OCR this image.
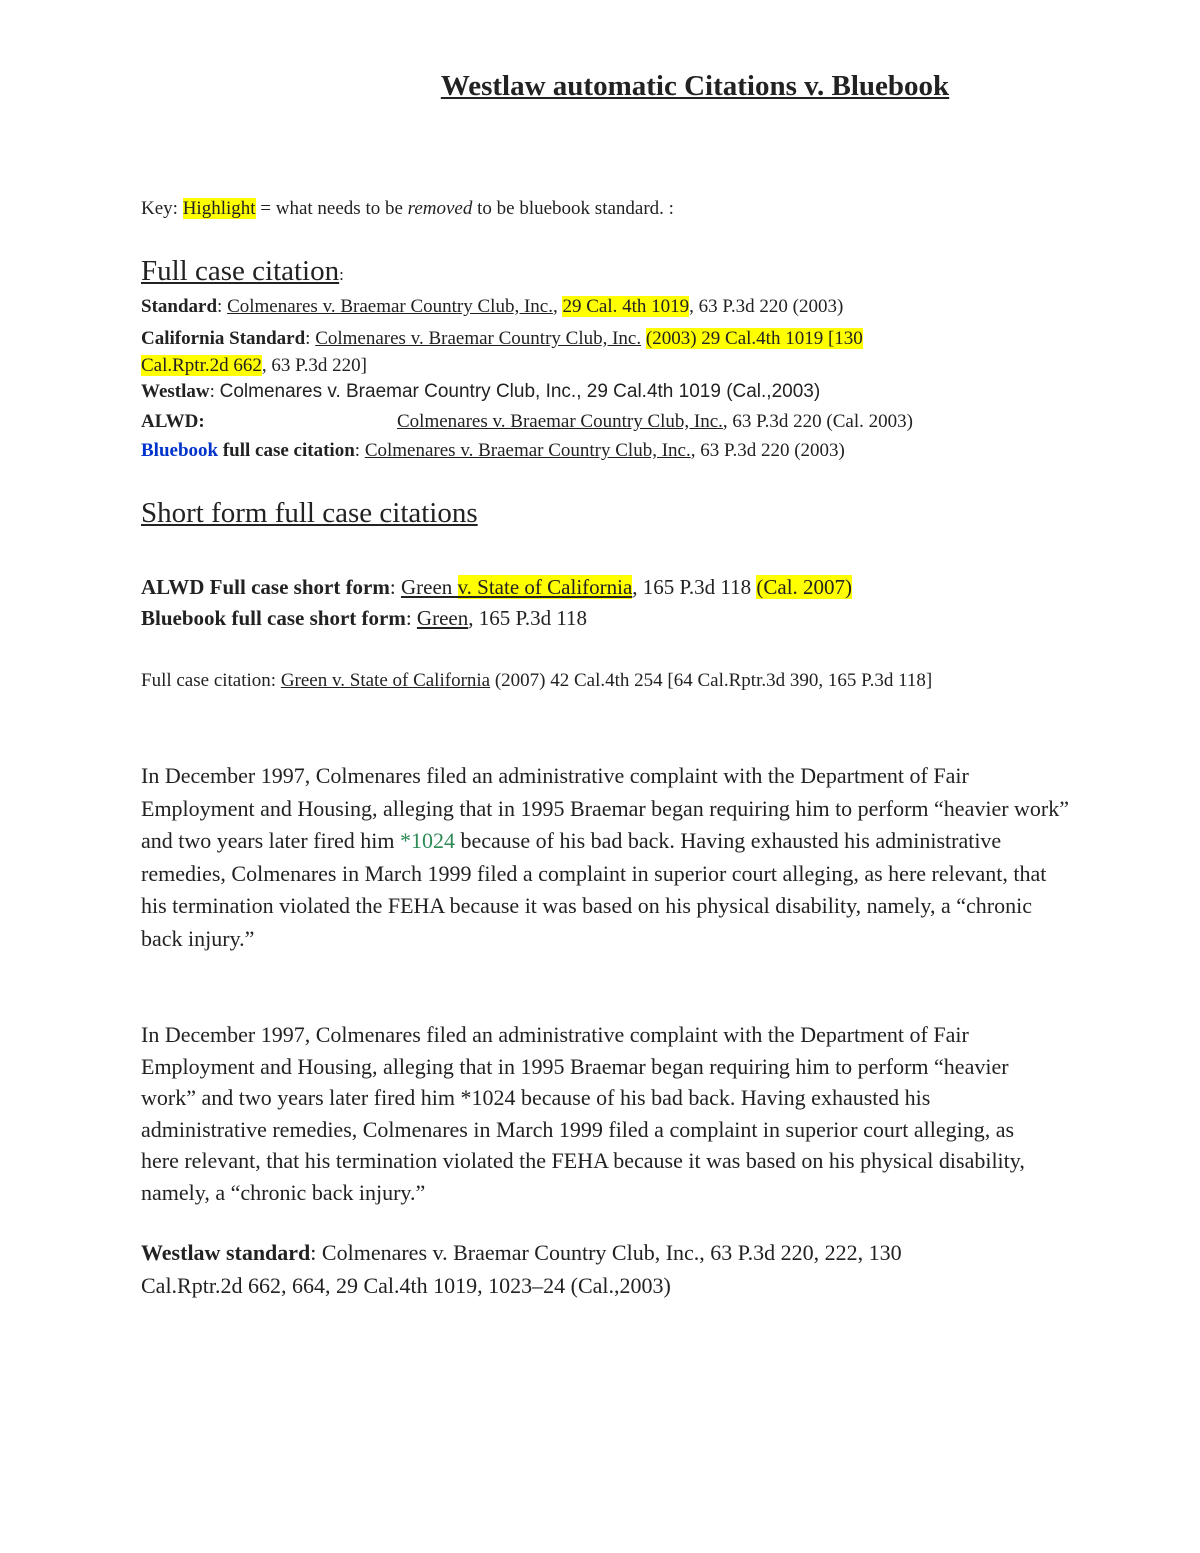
Westlaw automatic Citations v. Bluebook
Key: Highlight = what needs to be removed to be bluebook standard. :
Full case citation:
Standard: Colmenares v. Braemar Country Club, Inc., 29 Cal. 4th 1019, 63 P.3d 220 (2003)
California Standard: Colmenares v. Braemar Country Club, Inc. (2003) 29 Cal.4th 1019 [130
Cal.Rptr.2d 662, 63 P.3d 220]
Westlaw: Colmenares v. Braemar Country Club, Inc., 29 Cal.4th 1019 (Cal.,2003)
ALWD:	Colmenares v. Braemar Country Club, Inc., 63 P.3d 220 (Cal. 2003)
Bluebook full case citation: Colmenares v. Braemar Country Club, Inc., 63 P.3d 220 (2003)
Short form full case citations
ALWD Full case short form: Green v. State of California, 165 P.3d 118 (Cal. 2007)
Bluebook full case short form: Green, 165 P.3d 118
Full case citation: Green v. State of California (2007) 42 Cal.4th 254 [64 Cal.Rptr.3d 390, 165 P.3d 118]
In December 1997, Colmenares filed an administrative complaint with the Department of Fair Employment and Housing, alleging that in 1995 Braemar began requiring him to perform “heavier work” and two years later fired him *1024 because of his bad back. Having exhausted his administrative remedies, Colmenares in March 1999 filed a complaint in superior court alleging, as here relevant, that his termination violated the FEHA because it was based on his physical disability, namely, a “chronic back injury.”
In December 1997, Colmenares filed an administrative complaint with the Department of Fair Employment and Housing, alleging that in 1995 Braemar began requiring him to perform “heavier work” and two years later fired him *1024 because of his bad back. Having exhausted his administrative remedies, Colmenares in March 1999 filed a complaint in superior court alleging, as here relevant, that his termination violated the FEHA because it was based on his physical disability, namely, a “chronic back injury.”
Westlaw standard: Colmenares v. Braemar Country Club, Inc., 63 P.3d 220, 222, 130 Cal.Rptr.2d 662, 664, 29 Cal.4th 1019, 1023–24 (Cal.,2003)
